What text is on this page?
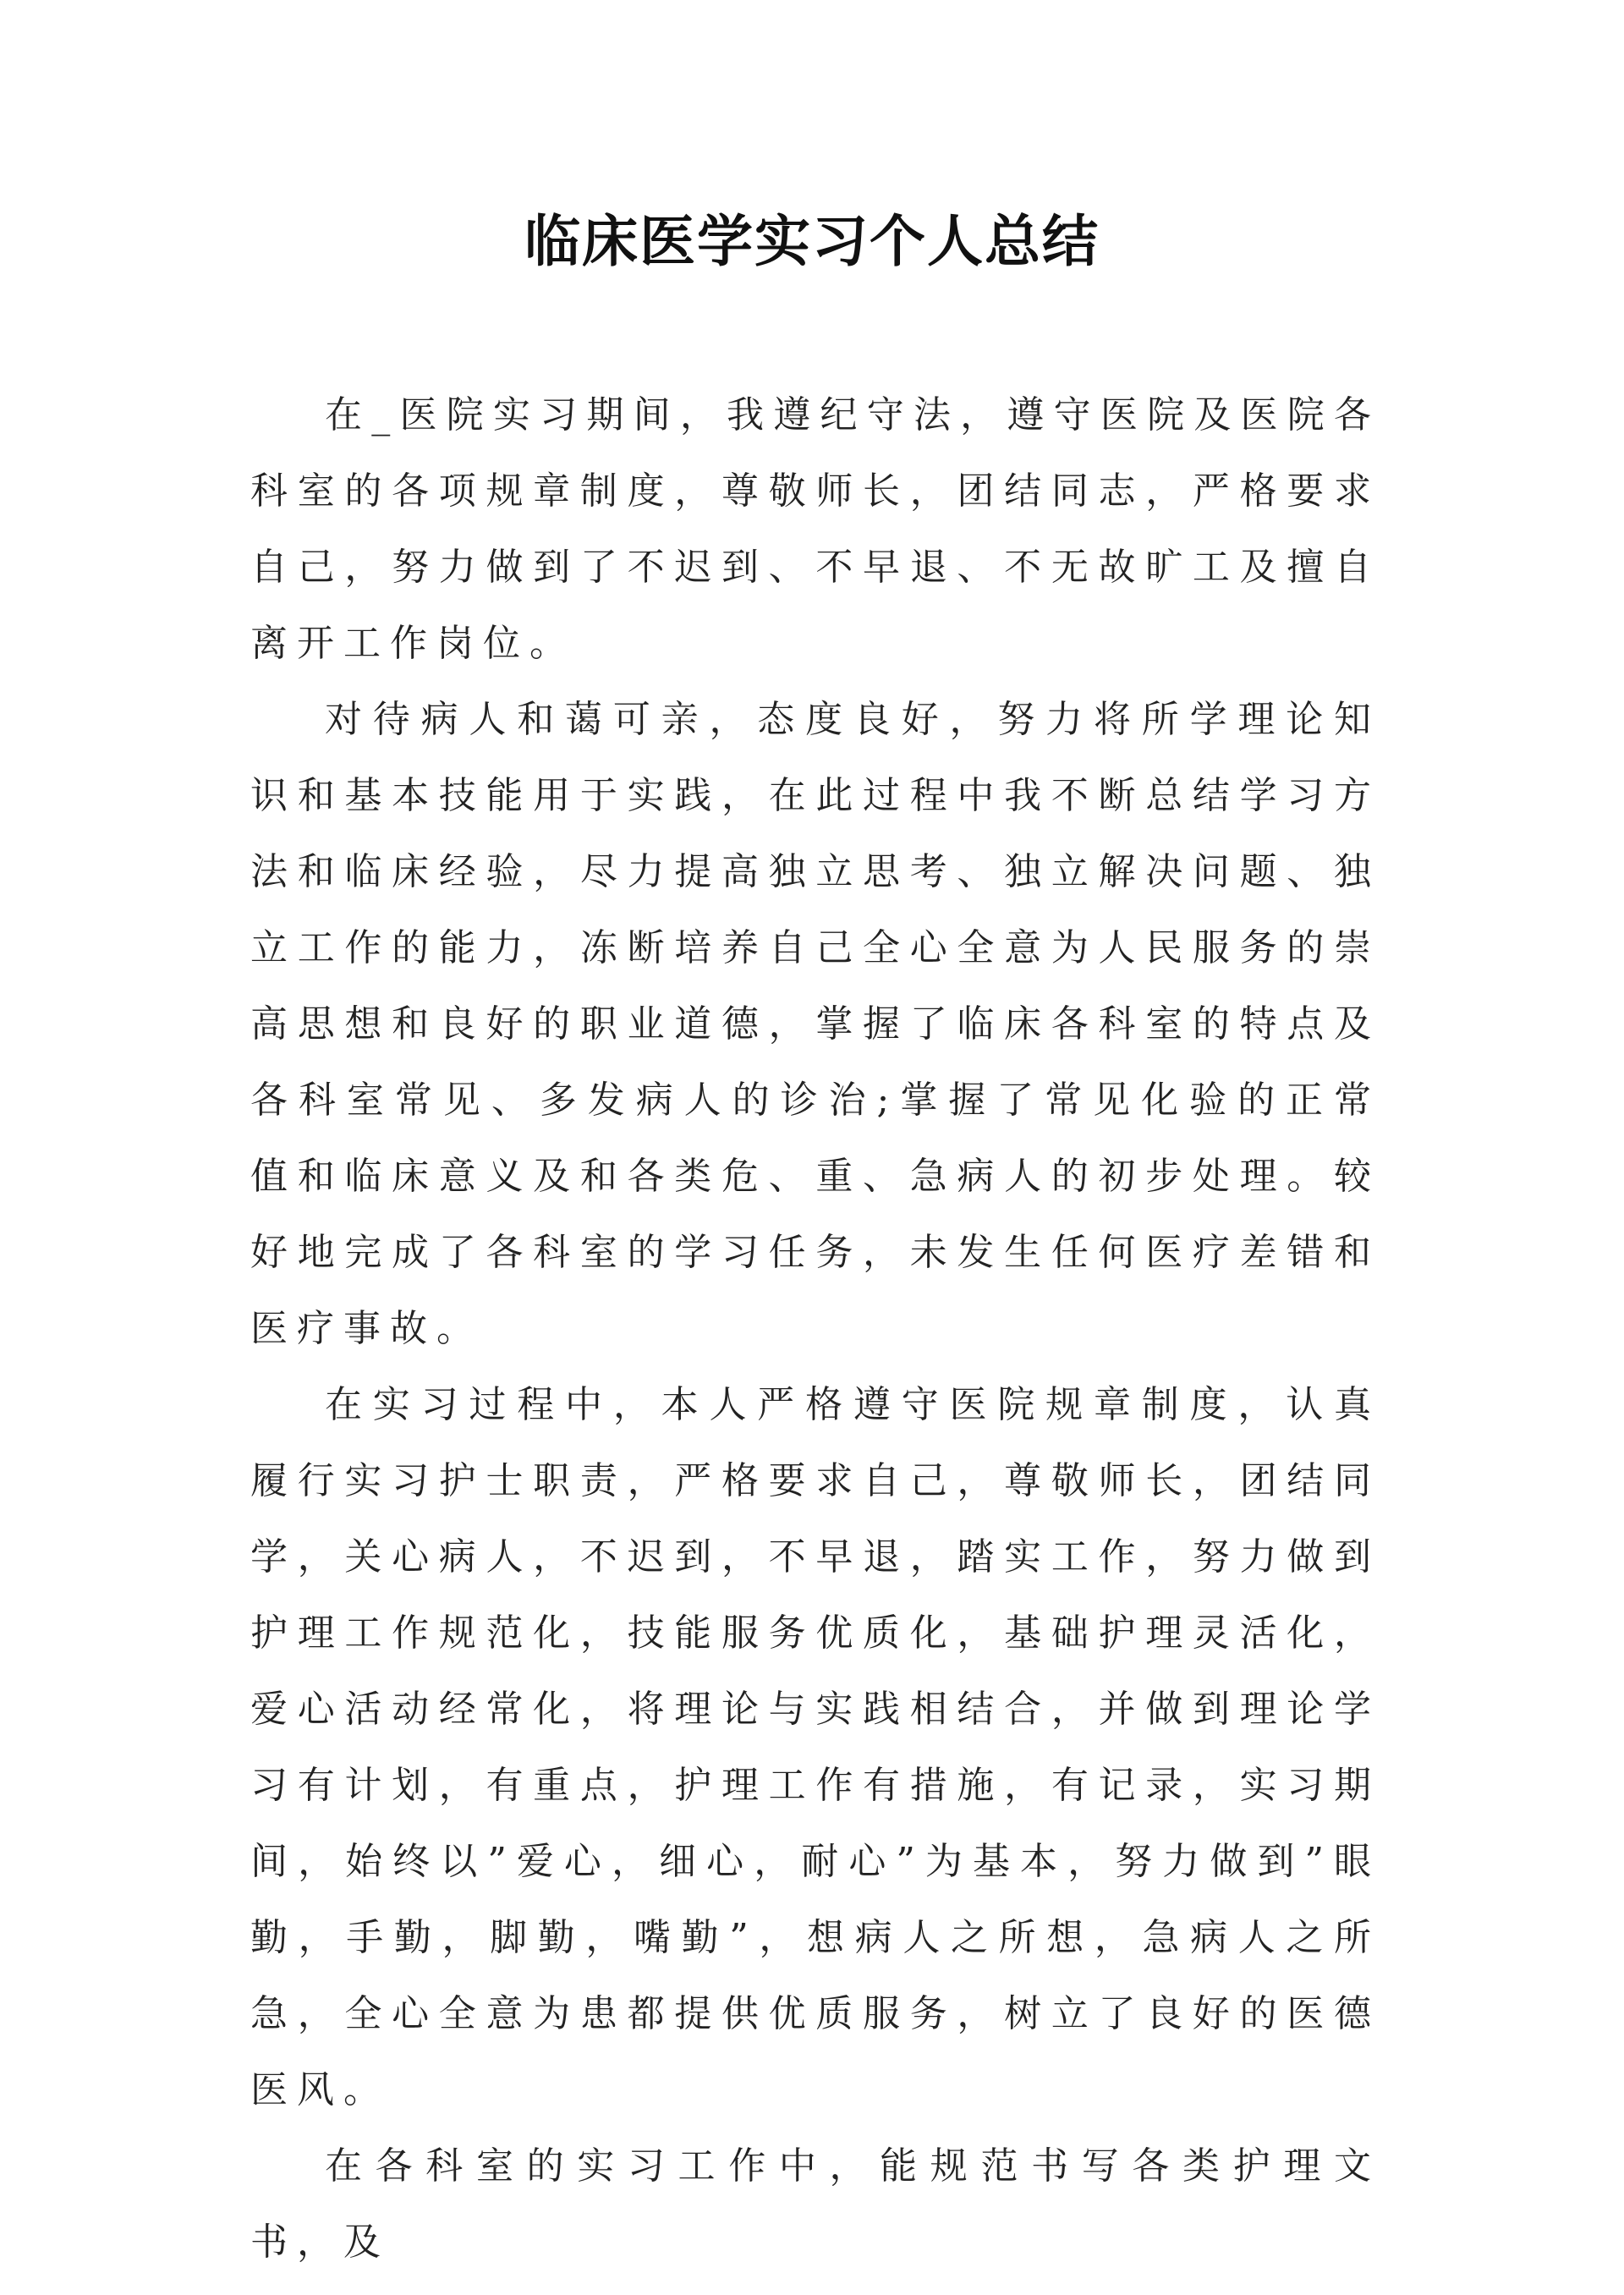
临床医学实习个人总结

在_医院实习期间，我遵纪守法，遵守医院及医院各科室的各项规章制度，尊敬师长，团结同志，严格要求自己，努力做到了不迟到、不早退、不无故旷工及擅自离开工作岗位。

对待病人和蔼可亲，态度良好，努力将所学理论知识和基本技能用于实践，在此过程中我不断总结学习方法和临床经验，尽力提高独立思考、独立解决问题、独立工作的能力，冻断培养自己全心全意为人民服务的崇高思想和良好的职业道德，掌握了临床各科室的特点及各科室常见、多发病人的诊治;掌握了常见化验的正常值和临床意义及和各类危、重、急病人的初步处理。较好地完成了各科室的学习任务，未发生任何医疗差错和医疗事故。

在实习过程中，本人严格遵守医院规章制度，认真履行实习护士职责，严格要求自己，尊敬师长，团结同学，关心病人，不迟到，不早退，踏实工作，努力做到护理工作规范化，技能服务优质化，基础护理灵活化，爱心活动经常化，将理论与实践相结合，并做到理论学习有计划，有重点，护理工作有措施，有记录，实习期间，始终以”爱心，细心，耐心”为基本，努力做到”眼勤，手勤，脚勤，嘴勤”，想病人之所想，急病人之所急，全心全意为患都提供优质服务，树立了良好的医德医风。

在各科室的实习工作中，能规范书写各类护理文书，及
